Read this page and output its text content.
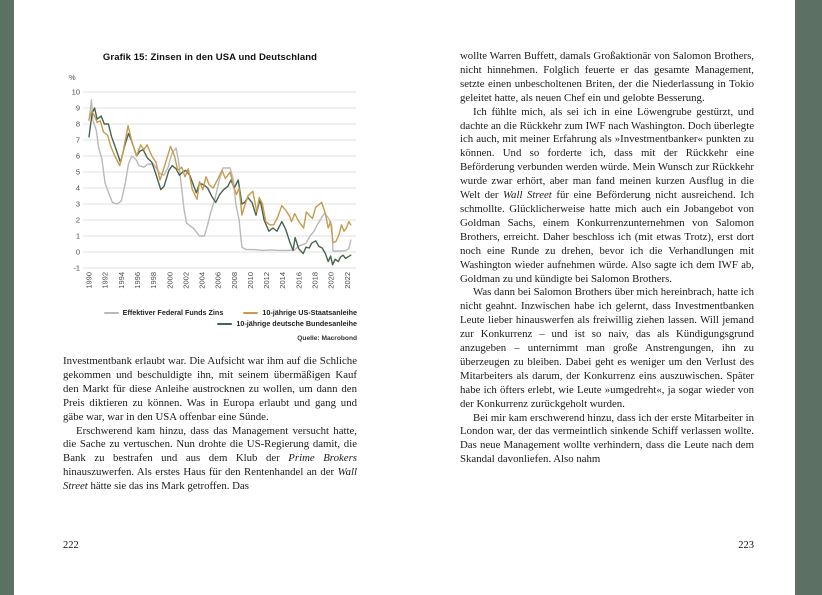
Grafik 15: Zinsen in den USA und Deutschland
%
10
9
8
7
6
5
4
3
2
1
0
-1
1990 1992 1994 1996 1998 2000 2002 2004 2006 2008 2010 2012 2014 2016 2018 2020 2022
Effektiver Federal Funds Zins	10-jährige US-Staatsanleihe
10-jährige deutsche Bundesanleihe
Quelle: Macrobond

Investmentbank erlaubt war. Die Aufsicht war ihm auf die Schliche gekommen und beschuldigte ihn, mit seinem übermäßigen Kauf den Markt für diese Anleihe austrocknen zu wollen, um dann den Preis diktieren zu können. Was in Europa erlaubt und gang und gäbe war, war in den USA offenbar eine Sünde.

Erschwerend kam hinzu, dass das Management versucht hatte, die Sache zu vertuschen. Nun drohte die US-Regierung damit, die Bank zu bestrafen und aus dem Klub der Prime Brokers hinauszuwerfen. Als erstes Haus für den Rentenhandel an der Wall Street hätte sie das ins Mark getroffen. Das

222

wollte Warren Buffett, damals Großaktionär von Salomon Brothers, nicht hinnehmen. Folglich feuerte er das gesamte Management, setzte einen unbescholtenen Briten, der die Niederlassung in Tokio geleitet hatte, als neuen Chef ein und gelobte Besserung.

Ich fühlte mich, als sei ich in eine Löwengrube gestürzt, und dachte an die Rückkehr zum IWF nach Washington. Doch überlegte ich auch, mit meiner Erfahrung als »Investmentbanker« punkten zu können. Und so forderte ich, dass mit der Rückkehr eine Beförderung verbunden werden würde. Mein Wunsch zur Rückkehr wurde zwar erhört, aber man fand meinen kurzen Ausflug in die Welt der Wall Street für eine Beförderung nicht ausreichend. Ich schmollte. Glücklicherweise hatte mich auch ein Jobangebot von Goldman Sachs, einem Konkurrenzunternehmen von Salomon Brothers, erreicht. Daher beschloss ich (mit etwas Trotz), erst dort noch eine Runde zu drehen, bevor ich die Verhandlungen mit Washington wieder aufnehmen würde. Also sagte ich dem IWF ab, Goldman zu und kündigte bei Salomon Brothers.

Was dann bei Salomon Brothers über mich hereinbrach, hatte ich nicht geahnt. Inzwischen habe ich gelernt, dass Investmentbanken Leute lieber hinauswerfen als freiwillig ziehen lassen. Will jemand zur Konkurrenz – und ist so naiv, das als Kündigungsgrund anzugeben – unternimmt man große Anstrengungen, ihn zu überzeugen zu bleiben. Dabei geht es weniger um den Verlust des Mitarbeiters als darum, der Konkurrenz eins auszuwischen. Später habe ich öfters erlebt, wie Leute »umgedreht«, ja sogar wieder von der Konkurrenz zurückgeholt wurden.

Bei mir kam erschwerend hinzu, dass ich der erste Mitarbeiter in London war, der das vermeintlich sinkende Schiff verlassen wollte. Das neue Management wollte verhindern, dass die Leute nach dem Skandal davonliefen. Also nahm

223
